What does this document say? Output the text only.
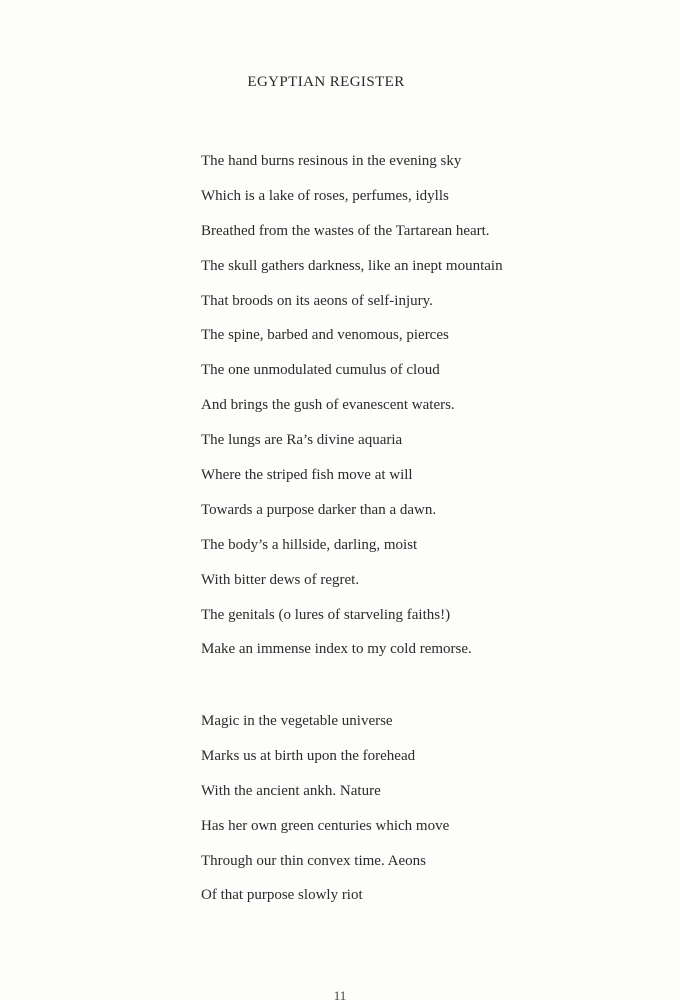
EGYPTIAN REGISTER
The hand burns resinous in the evening sky
Which is a lake of roses, perfumes, idylls
Breathed from the wastes of the Tartarean heart.
The skull gathers darkness, like an inept mountain
That broods on its aeons of self-injury.
The spine, barbed and venomous, pierces
The one unmodulated cumulus of cloud
And brings the gush of evanescent waters.
The lungs are Ra’s divine aquaria
Where the striped fish move at will
Towards a purpose darker than a dawn.
The body’s a hillside, darling, moist
With bitter dews of regret.
The genitals (o lures of starveling faiths!)
Make an immense index to my cold remorse.
Magic in the vegetable universe
Marks us at birth upon the forehead
With the ancient ankh. Nature
Has her own green centuries which move
Through our thin convex time. Aeons
Of that purpose slowly riot
11
